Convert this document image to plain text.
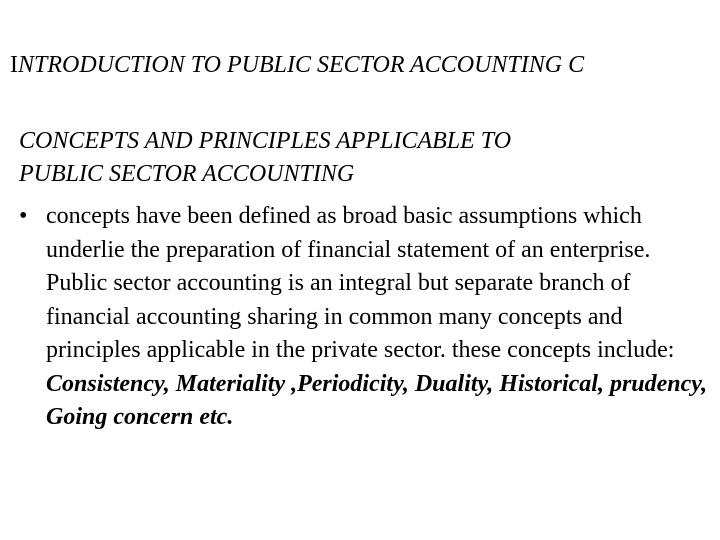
INTRODUCTION TO PUBLIC SECTOR ACCOUNTING C
CONCEPTS AND PRINCIPLES APPLICABLE TO
PUBLIC SECTOR ACCOUNTING
• concepts have been defined as broad basic assumptions which underlie the preparation of financial statement of an enterprise. Public sector accounting is an integral but separate branch of financial accounting sharing in common many concepts and principles applicable in the private sector. these concepts include: Consistency, Materiality ,Periodicity, Duality, Historical, prudency, Going concern etc.
